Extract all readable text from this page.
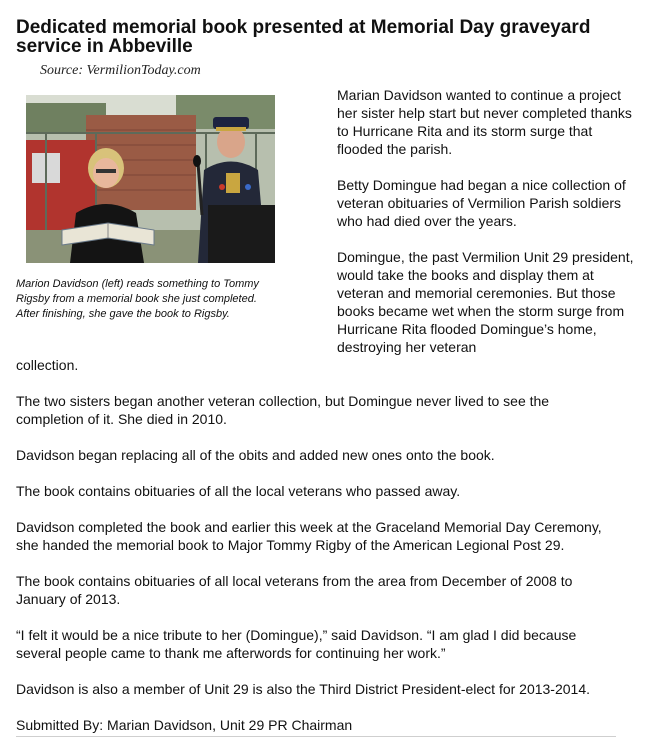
Dedicated memorial book presented at Memorial Day graveyard service in Abbeville
Source: VermilionToday.com
Marion Davidson (left) reads something to Tommy Rigsby from a memorial book she just completed. After finishing, she gave the book to Rigsby.

Marian Davidson wanted to continue a project her sister help start but never completed thanks to Hurricane Rita and its storm surge that flooded the parish.

Betty Domingue had began a nice collection of veteran obituaries of Vermilion Parish soldiers who had died over the years.

Domingue, the past Vermilion Unit 29 president, would take the books and display them at veteran and memorial ceremonies. But those books became wet when the storm surge from Hurricane Rita flooded Domingue’s home, destroying her veteran

collection.

The two sisters began another veteran collection, but Domingue never lived to see the completion of it. She died in 2010.

Davidson began replacing all of the obits and added new ones onto the book.

The book contains obituaries of all the local veterans who passed away.

Davidson completed the book and earlier this week at the Graceland Memorial Day Ceremony, she handed the memorial book to Major Tommy Rigby of the American Legional Post 29.

The book contains obituaries of all local veterans from the area from December of 2008 to January of 2013.

“I felt it would be a nice tribute to her (Domingue),” said Davidson. “I am glad I did because several people came to thank me afterwords for continuing her work.”

Davidson is also a member of Unit 29 is also the Third District President-elect for 2013-2014.

Submitted By: Marian Davidson, Unit 29 PR Chairman
